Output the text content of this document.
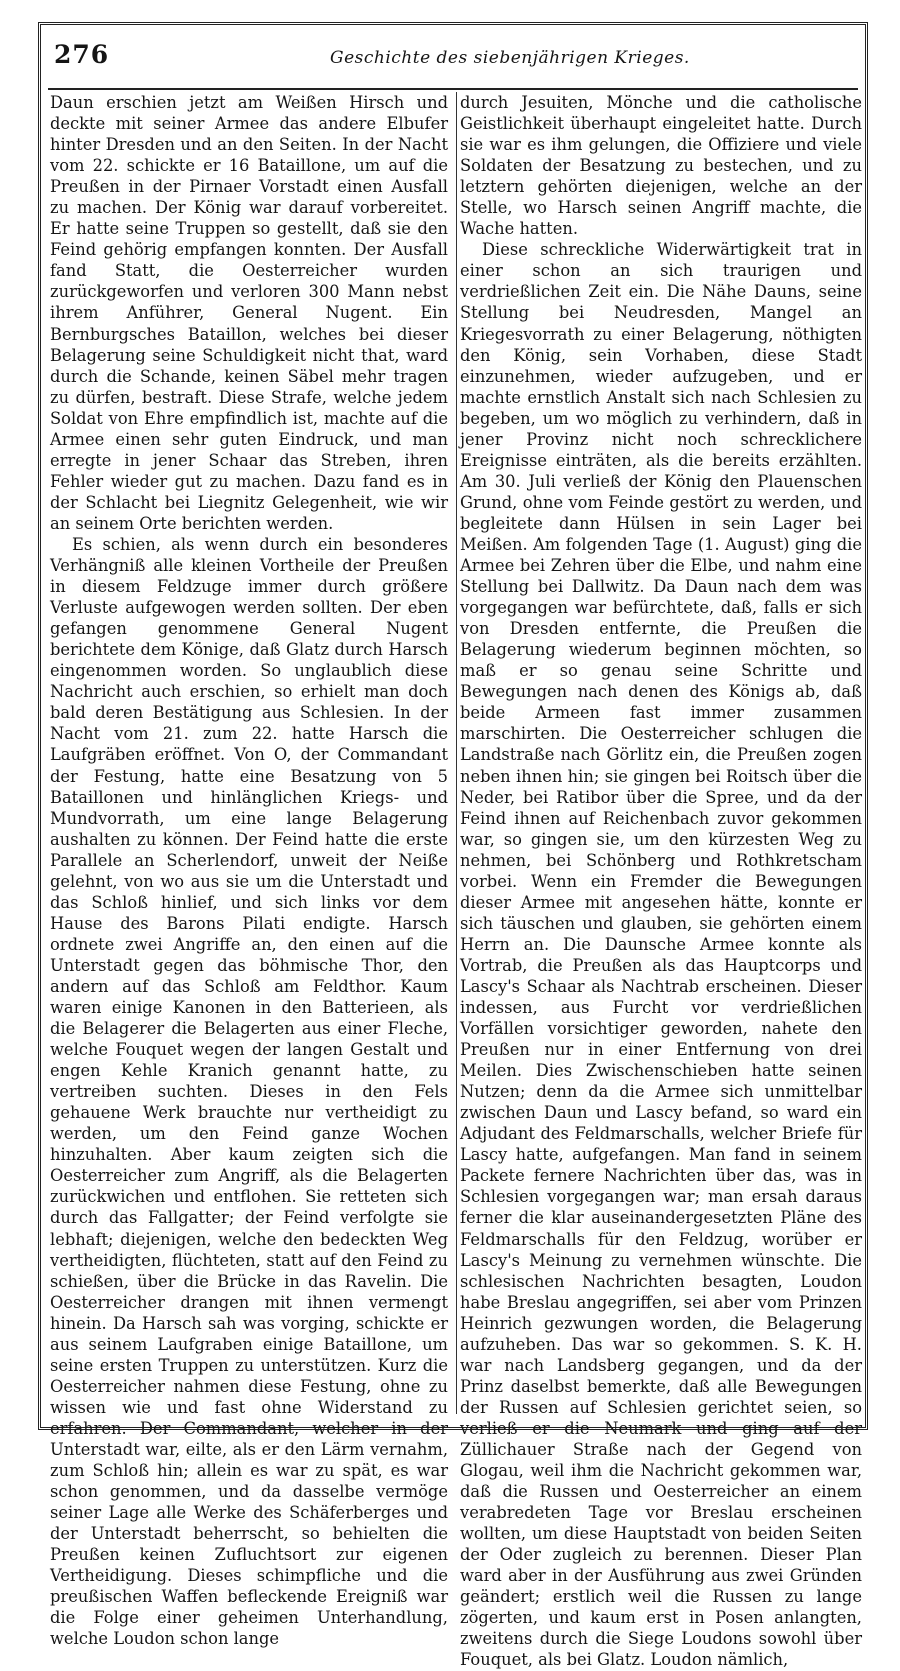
276	Geschichte des siebenjährigen Krieges.

Daun erschien jetzt am Weißen Hirsch und deckte mit seiner Armee das andere Elbufer hinter Dresden und an den Seiten. In der Nacht vom 22. schickte er 16 Bataillone, um auf die Preußen in der Pirnaer Vorstadt einen Ausfall zu machen. Der König war darauf vorbereitet. Er hatte seine Truppen so gestellt, daß sie den Feind gehörig empfangen konnten. Der Ausfall fand Statt, die Oesterreicher wurden zurückgeworfen und verloren 300 Mann nebst ihrem Anführer, General Nugent. Ein Bernburgsches Bataillon, welches bei dieser Belagerung seine Schuldigkeit nicht that, ward durch die Schande, keinen Säbel mehr tragen zu dürfen, bestraft. Diese Strafe, welche jedem Soldat von Ehre empfindlich ist, machte auf die Armee einen sehr guten Eindruck, und man erregte in jener Schaar das Streben, ihren Fehler wieder gut zu machen. Dazu fand es in der Schlacht bei Liegnitz Gelegenheit, wie wir an seinem Orte berichten werden.

Es schien, als wenn durch ein besonderes Verhängniß alle kleinen Vortheile der Preußen in diesem Feldzuge immer durch größere Verluste aufgewogen werden sollten. Der eben gefangen genommene General Nugent berichtete dem Könige, daß Glatz durch Harsch eingenommen worden. So unglaublich diese Nachricht auch erschien, so erhielt man doch bald deren Bestätigung aus Schlesien. In der Nacht vom 21. zum 22. hatte Harsch die Laufgräben eröffnet. Von O, der Commandant der Festung, hatte eine Besatzung von 5 Bataillonen und hinlänglichen Kriegs- und Mundvorrath, um eine lange Belagerung aushalten zu können. Der Feind hatte die erste Parallele an Scherlendorf, unweit der Neiße gelehnt, von wo aus sie um die Unterstadt und das Schloß hinlief, und sich links vor dem Hause des Barons Pilati endigte. Harsch ordnete zwei Angriffe an, den einen auf die Unterstadt gegen das böhmische Thor, den andern auf das Schloß am Feldthor. Kaum waren einige Kanonen in den Batterieen, als die Belagerer die Belagerten aus einer Fleche, welche Fouquet wegen der langen Gestalt und engen Kehle Kranich genannt hatte, zu vertreiben suchten. Dieses in den Fels gehauene Werk brauchte nur vertheidigt zu werden, um den Feind ganze Wochen hinzuhalten. Aber kaum zeigten sich die Oesterreicher zum Angriff, als die Belagerten zurückwichen und entflohen. Sie retteten sich durch das Fallgatter; der Feind verfolgte sie lebhaft; diejenigen, welche den bedeckten Weg vertheidigten, flüchteten, statt auf den Feind zu schießen, über die Brücke in das Ravelin. Die Oesterreicher drangen mit ihnen vermengt hinein. Da Harsch sah was vorging, schickte er aus seinem Laufgraben einige Bataillone, um seine ersten Truppen zu unterstützen. Kurz die Oesterreicher nahmen diese Festung, ohne zu wissen wie und fast ohne Widerstand zu erfahren. Der Commandant, welcher in der Unterstadt war, eilte, als er den Lärm vernahm, zum Schloß hin; allein es war zu spät, es war schon genommen, und da dasselbe vermöge seiner Lage alle Werke des Schäferberges und der Unterstadt beherrscht, so behielten die Preußen keinen Zufluchtsort zur eigenen Vertheidigung. Dieses schimpfliche und die preußischen Waffen befleckende Ereigniß war die Folge einer geheimen Unterhandlung, welche Loudon schon lange

durch Jesuiten, Mönche und die catholische Geistlichkeit überhaupt eingeleitet hatte. Durch sie war es ihm gelungen, die Offiziere und viele Soldaten der Besatzung zu bestechen, und zu letztern gehörten diejenigen, welche an der Stelle, wo Harsch seinen Angriff machte, die Wache hatten.

Diese schreckliche Widerwärtigkeit trat in einer schon an sich traurigen und verdrießlichen Zeit ein. Die Nähe Dauns, seine Stellung bei Neudresden, Mangel an Kriegesvorrath zu einer Belagerung, nöthigten den König, sein Vorhaben, diese Stadt einzunehmen, wieder aufzugeben, und er machte ernstlich Anstalt sich nach Schlesien zu begeben, um wo möglich zu verhindern, daß in jener Provinz nicht noch schrecklichere Ereignisse einträten, als die bereits erzählten. Am 30. Juli verließ der König den Plauenschen Grund, ohne vom Feinde gestört zu werden, und begleitete dann Hülsen in sein Lager bei Meißen. Am folgenden Tage (1. August) ging die Armee bei Zehren über die Elbe, und nahm eine Stellung bei Dallwitz. Da Daun nach dem was vorgegangen war befürchtete, daß, falls er sich von Dresden entfernte, die Preußen die Belagerung wiederum beginnen möchten, so maß er so genau seine Schritte und Bewegungen nach denen des Königs ab, daß beide Armeen fast immer zusammen marschirten. Die Oesterreicher schlugen die Landstraße nach Görlitz ein, die Preußen zogen neben ihnen hin; sie gingen bei Roitsch über die Neder, bei Ratibor über die Spree, und da der Feind ihnen auf Reichenbach zuvor gekommen war, so gingen sie, um den kürzesten Weg zu nehmen, bei Schönberg und Rothkretscham vorbei. Wenn ein Fremder die Bewegungen dieser Armee mit angesehen hätte, konnte er sich täuschen und glauben, sie gehörten einem Herrn an. Die Daunsche Armee konnte als Vortrab, die Preußen als das Hauptcorps und Lascy's Schaar als Nachtrab erscheinen. Dieser indessen, aus Furcht vor verdrießlichen Vorfällen vorsichtiger geworden, nahete den Preußen nur in einer Entfernung von drei Meilen. Dies Zwischenschieben hatte seinen Nutzen; denn da die Armee sich unmittelbar zwischen Daun und Lascy befand, so ward ein Adjudant des Feldmarschalls, welcher Briefe für Lascy hatte, aufgefangen. Man fand in seinem Packete fernere Nachrichten über das, was in Schlesien vorgegangen war; man ersah daraus ferner die klar auseinandergesetzten Pläne des Feldmarschalls für den Feldzug, worüber er Lascy's Meinung zu vernehmen wünschte. Die schlesischen Nachrichten besagten, Loudon habe Breslau angegriffen, sei aber vom Prinzen Heinrich gezwungen worden, die Belagerung aufzuheben. Das war so gekommen. S. K. H. war nach Landsberg gegangen, und da der Prinz daselbst bemerkte, daß alle Bewegungen der Russen auf Schlesien gerichtet seien, so verließ er die Neumark und ging auf der Züllichauer Straße nach der Gegend von Glogau, weil ihm die Nachricht gekommen war, daß die Russen und Oesterreicher an einem verabredeten Tage vor Breslau erscheinen wollten, um diese Hauptstadt von beiden Seiten der Oder zugleich zu berennen. Dieser Plan ward aber in der Ausführung aus zwei Gründen geändert; erstlich weil die Russen zu lange zögerten, und kaum erst in Posen anlangten, zweitens durch die Siege Loudons sowohl über Fouquet, als bei Glatz. Loudon nämlich,
